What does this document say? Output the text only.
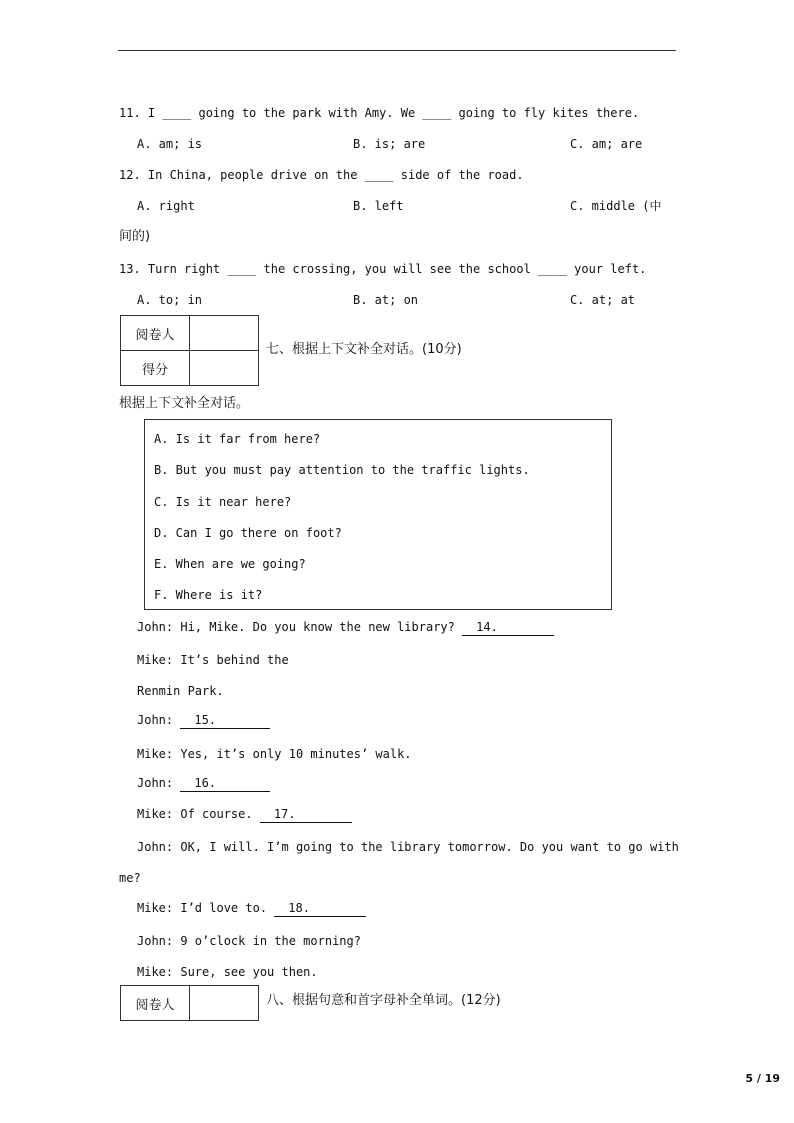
11. I ____ going to the park with Amy. We ____ going to fly kites there.
A. am; is	B. is; are	C. am; are
12. In China, people drive on the ____ side of the road.
A. right	B. left	C. middle (中
间的)
13. Turn right ____ the crossing, you will see the school ____ your left.
A. to; in	B. at; on	C. at; at
阅卷人	
得分	
七、根据上下文补全对话。(10分)
根据上下文补全对话。
A. Is it far from here?
B. But you must pay attention to the traffic lights.
C. Is it near here?
D. Can I go there on foot?
E. When are we going?
F. Where is it?
John: Hi, Mike. Do you know the new library? 14.
Mike: It’s behind the
Renmin Park.
John: 15.
Mike: Yes, it’s only 10 minutes’ walk.
John: 16.
Mike: Of course. 17.
John: OK, I will. I’m going to the library tomorrow. Do you want to go with
me?
Mike: I’d love to. 18.
John: 9 o’clock in the morning?
Mike: Sure, see you then.
阅卷人		八、根据句意和首字母补全单词。(12分)
5 / 19
